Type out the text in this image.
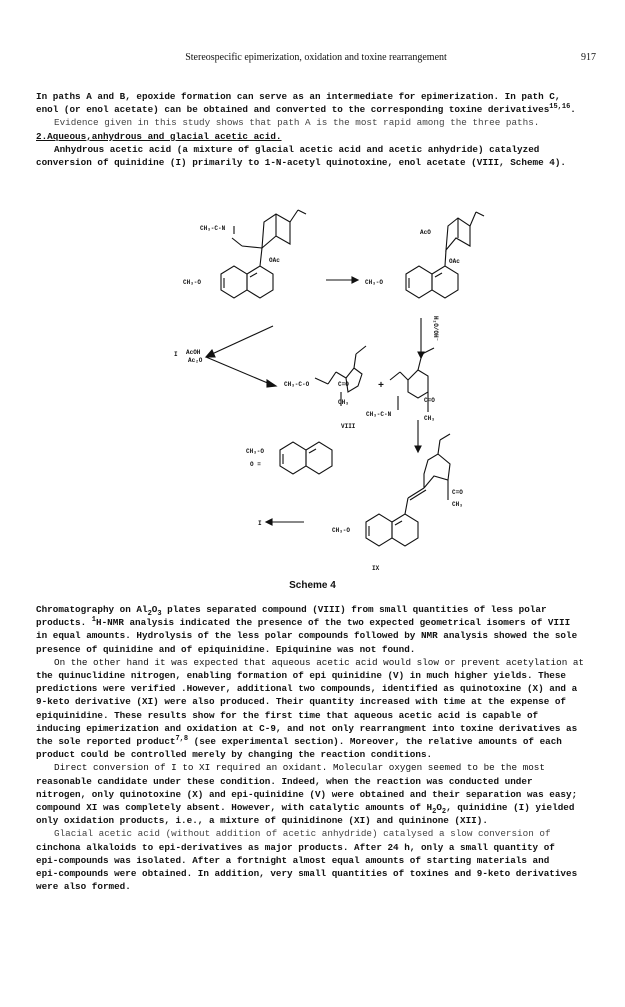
Stereospecific epimerization, oxidation and toxine rearrangement	917
In paths A and B, epoxide formation can serve as an intermediate for epimerization. In path C,
enol (or enol acetate) can be obtained and converted to the corresponding toxine derivatives$^{15,16}$.
Evidence given in this study shows that path A is the most rapid among the three paths.
2.Aqueous,anhydrous and glacial acetic acid.
Anhydrous acetic acid (a mixture of glacial acetic acid and acetic anhydride) catalyzed
conversion of quinidine (I) primarily to 1-N-acetyl quinotoxine, enol acetate (VIII, Scheme 4).
CH₃-O
CH₃-C-N
OAc
CH₃-O
AcO
OAc
H₂O/OH⁻
AcOH
Ac₂O
I
CH₃-C-O	C=O
CH₃
+
CH₃-C-N
C=O
CH₃
VIII
CH₃-O
O =
CH₃-O
C=O
CH₃
I
IX
Scheme 4
Chromatography on $Al_2O_3$ plates separated compound (VIII) from small quantities of less polar
products. $^1$H-NMR analysis indicated the presence of the two expected geometrical isomers of VIII
in equal amounts. Hydrolysis of the less polar compounds followed by NMR analysis showed the sole
presence of quinidine and of epiquinidine. Epiquinine was not found.
On the other hand it was expected that aqueous acetic acid would slow or prevent acetylation at
the quinuclidine nitrogen, enabling formation of epi quinidine (V) in much higher yields. These
predictions were verified .However, additional two compounds, identified as quinotoxine (X) and a
9-keto derivative (XI) were also produced. Their quantity increased with time at the expense of
epiquinidine. These results show for the first time that aqueous acetic acid is capable of
inducing epimerization and oxidation at C-9, and not only rearrangment into toxine derivatives as
the sole reported product$^{7,8}$ (see experimental section). Moreover, the relative amounts of each
product could be controlled merely by changing the reaction conditions.
Direct conversion of I to XI required an oxidant. Molecular oxygen seemed to be the most
reasonable candidate under these condition. Indeed, when the reaction was conducted under
nitrogen, only quinotoxine (X) and epi-quinidine (V) were obtained and their separation was easy;
compound XI was completely absent. However, with catalytic amounts of $H_2O_2$, quinidine (I) yielded
only oxidation products, i.e., a mixture of quinidinone (XI) and quininone (XII).
Glacial acetic acid (without addition of acetic anhydride) catalysed a slow conversion of
cinchona alkaloids to epi-derivatives as major products. After 24 h, only a small quantity of
epi-compounds was isolated. After a fortnight almost equal amounts of starting materials and
epi-compounds were obtained. In addition, very small quantities of toxines and 9-keto derivatives
were also formed.
